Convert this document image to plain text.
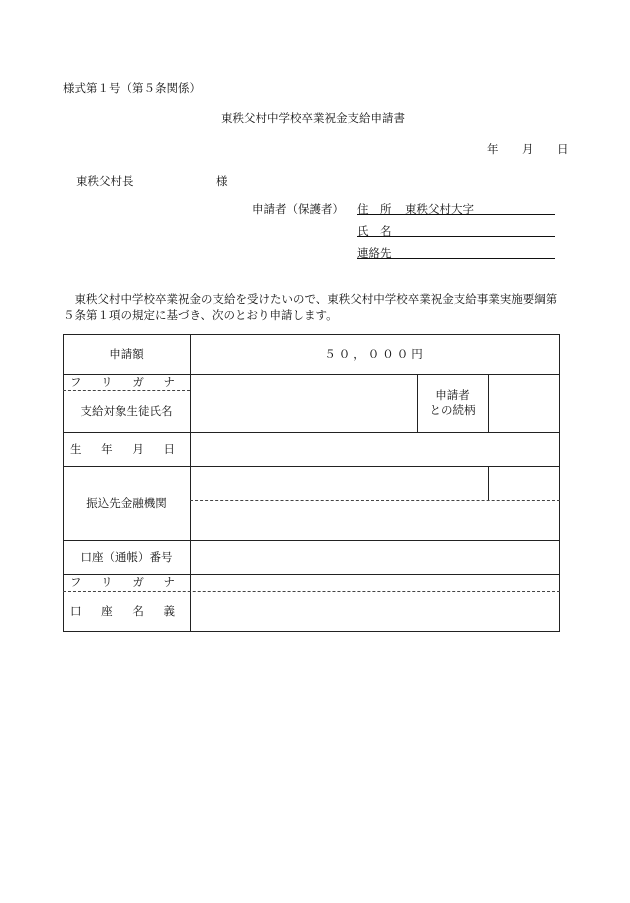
様式第１号（第５条関係）
東秩父村中学校卒業祝金支給申請書
年 月 日
東秩父村長	様
申請者（保護者） 住　所 東秩父村大字
氏　名
連絡先
　東秩父村中学校卒業祝金の支給を受けたいので、東秩父村中学校卒業祝金支給事業実施要綱第
５条第１項の規定に基づき、次のとおり申請します。
申請額	５０，０００円
フ リ ガ ナ
支給対象生徒氏名
申請者
との続柄
生 年 月 日
振込先金融機関
口座（通帳）番号
フ リ ガ ナ
口 座 名 義
